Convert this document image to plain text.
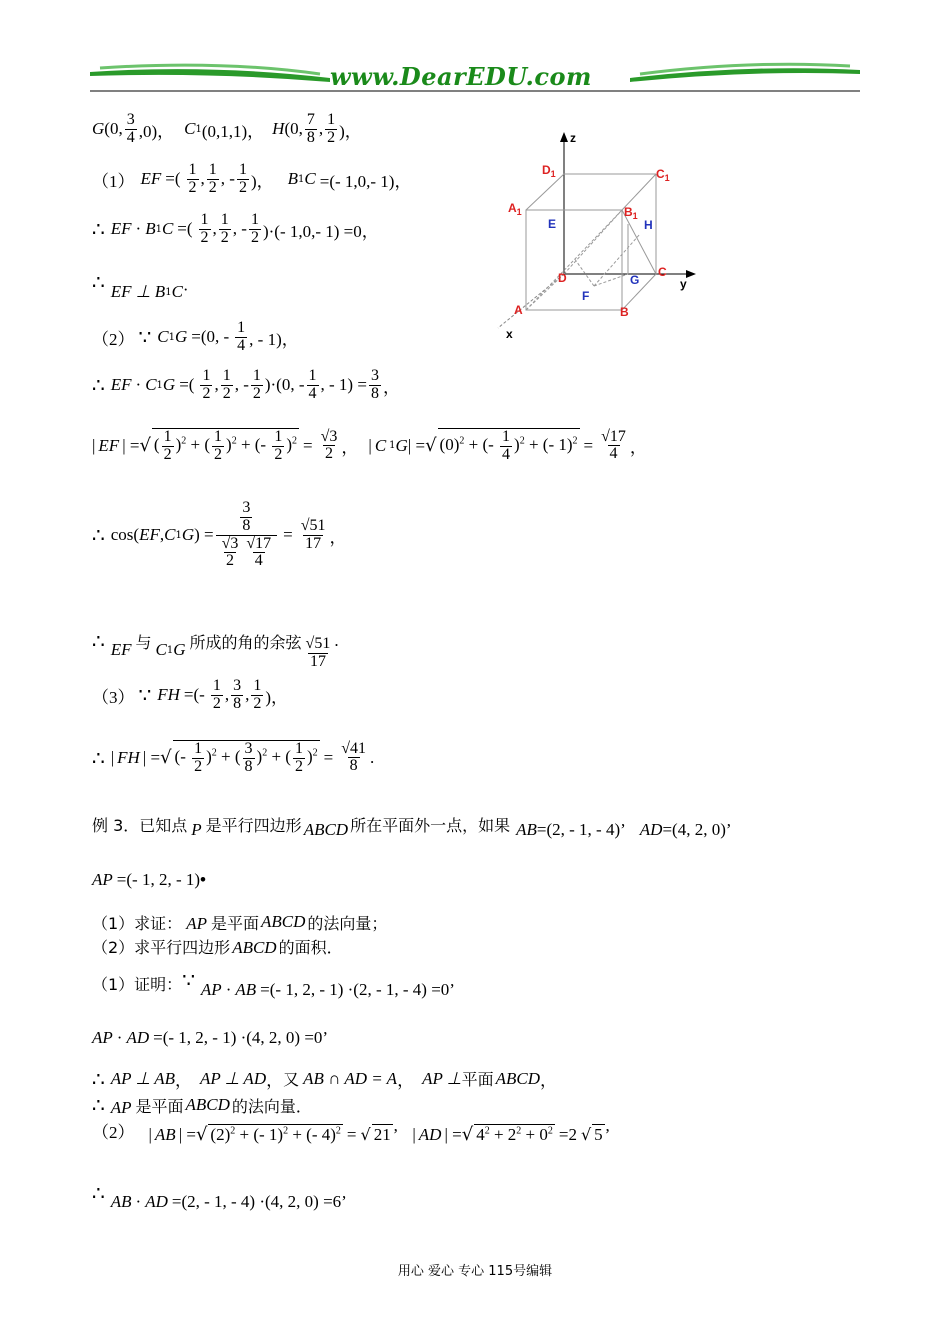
www.DearEDU.com
G (0, $\frac{3}{4} ,0$)， C 1 (0,1,1)， H (0, $\frac{7}{8}$ , $\frac{1}{2}$ )，
（1） EF =( $\frac{1}{2}$ , $\frac{1}{2}$ , - $\frac{1}{2}$ )， B 1 C =(- 1,0,- 1)，
∴ EF · B 1 C =( $\frac{1}{2}$ , $\frac{1}{2}$ , - $\frac{1}{2}$ )·(- 1,0,- 1) =0，
∴ EF ⊥ B 1 C ·
（2） ∵ C 1 G =(0, - $\frac{1}{4}$ , - 1)，
∴ EF · C 1 G =( $\frac{1}{2}$ , $\frac{1}{2}$ , - $\frac{1}{2} )\cdot(0$, - $\frac{1}{4}$ , - $1) = \frac{3}{8}$ ，
| EF | = √ ( $\frac{1}{2} )^2$ + ( $\frac{1}{2} )^2$ + (- $\frac{1}{2} )^2 = \frac{√3}{2}$ ， | C 1 G | = √ $(0)^2$ + (- $\frac{1}{4} )^2$ + (- $1)^2 = \frac{√17}{4}$ ，
∴ cos( EF , C 1 G ) = $\frac{\frac{3}{8}}{\frac{√3}{2} \frac{√17}{4}} = \frac{√51}{17}$ ，
∴ EF 与 C 1 G 所成的角的余弦 $\frac{√51}{17}$ .
（3） ∵ FH =(- $\frac{1}{2}$ , $\frac{3}{8}$ , $\frac{1}{2}$ )，
∴ | FH | = √ (- $\frac{1}{2} )^2$ + ( $\frac{3}{8} )^2$ + ( $\frac{1}{2} )^2 = \frac{√41}{8}$ .
例 3．已知点 P 是平行四边形 ABCD 所在平面外一点，如果 AB =(2, - 1, - 4)’ AD =(4, 2, 0)’
AP =(- 1, 2, - 1) •
（1）求证： AP 是平面 ABCD 的法向量；
（2）求平行四边形 ABCD 的面积．
（1）证明： ∵ AP · AB =(- 1, 2, - 1) ·(2, - 1, - 4) =0’
AP · AD =(- 1, 2, - 1) ·(4, 2, 0) =0’
∴ AP ⊥ AB ， AP ⊥ AD ， 又 AB ∩ AD = A ， AP ⊥ 平面 ABCD ，
∴ AP 是平面 ABCD 的法向量．
（2） | AB | = √ $(2)^2$ + (- 1)$^2$ + (- 4)$^2$ = √ 21 ’ | AD | = √ $4^2 + 2^2 + 0^2 =2$ √ 5 ’
∴ AB · AD =(2, - 1, - 4) ·(4, 2, 0) =6’
z
y
x
$D_1$	$C_1$
$A_1$	$B_1$
E	H
D	C
G
F
A	B
用心 爱心 专心 115号编辑
